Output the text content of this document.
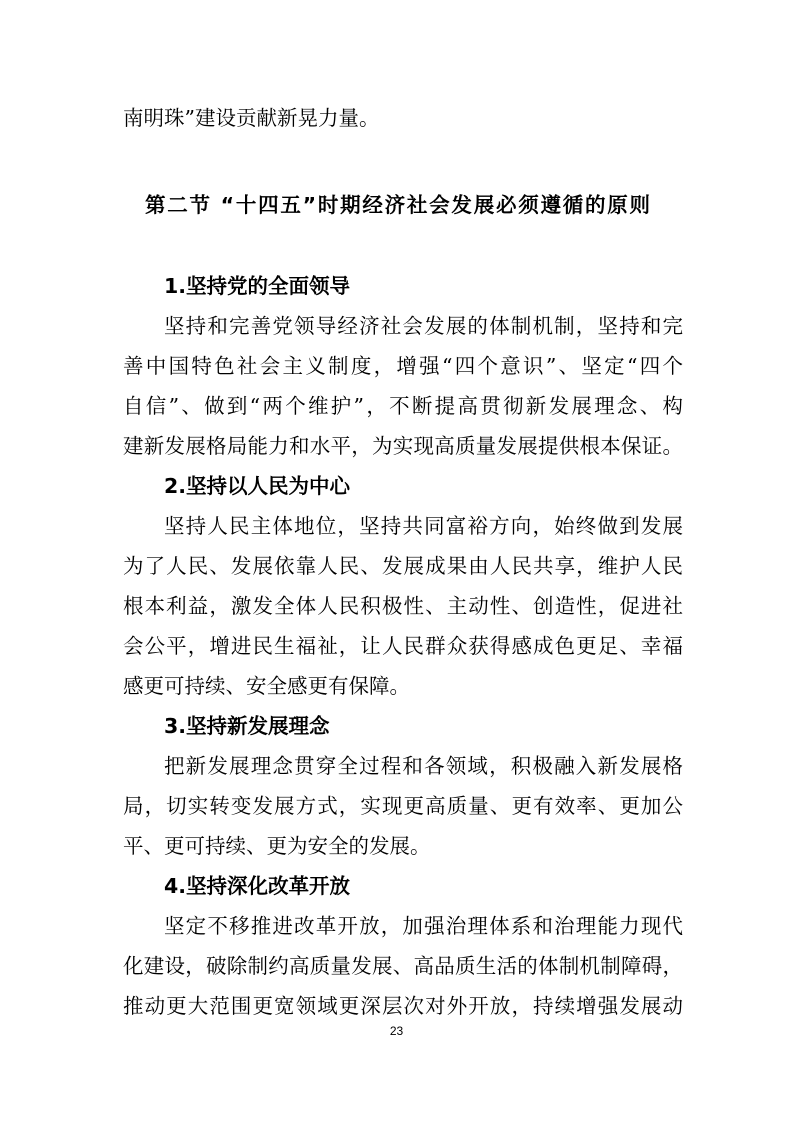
南明珠”建设贡献新晃力量。
第二节 “十四五”时期经济社会发展必须遵循的原则
1.坚持党的全面领导
坚持和完善党领导经济社会发展的体制机制，坚持和完
善中国特色社会主义制度，增强“四个意识”、坚定“四个
自信”、做到“两个维护”，不断提高贯彻新发展理念、构
建新发展格局能力和水平，为实现高质量发展提供根本保证。
2.坚持以人民为中心
坚持人民主体地位，坚持共同富裕方向，始终做到发展
为了人民、发展依靠人民、发展成果由人民共享，维护人民
根本利益，激发全体人民积极性、主动性、创造性，促进社
会公平，增进民生福祉，让人民群众获得感成色更足、幸福
感更可持续、安全感更有保障。
3.坚持新发展理念
把新发展理念贯穿全过程和各领域，积极融入新发展格
局，切实转变发展方式，实现更高质量、更有效率、更加公
平、更可持续、更为安全的发展。
4.坚持深化改革开放
坚定不移推进改革开放，加强治理体系和治理能力现代
化建设，破除制约高质量发展、高品质生活的体制机制障碍，
推动更大范围更宽领域更深层次对外开放，持续增强发展动
23
